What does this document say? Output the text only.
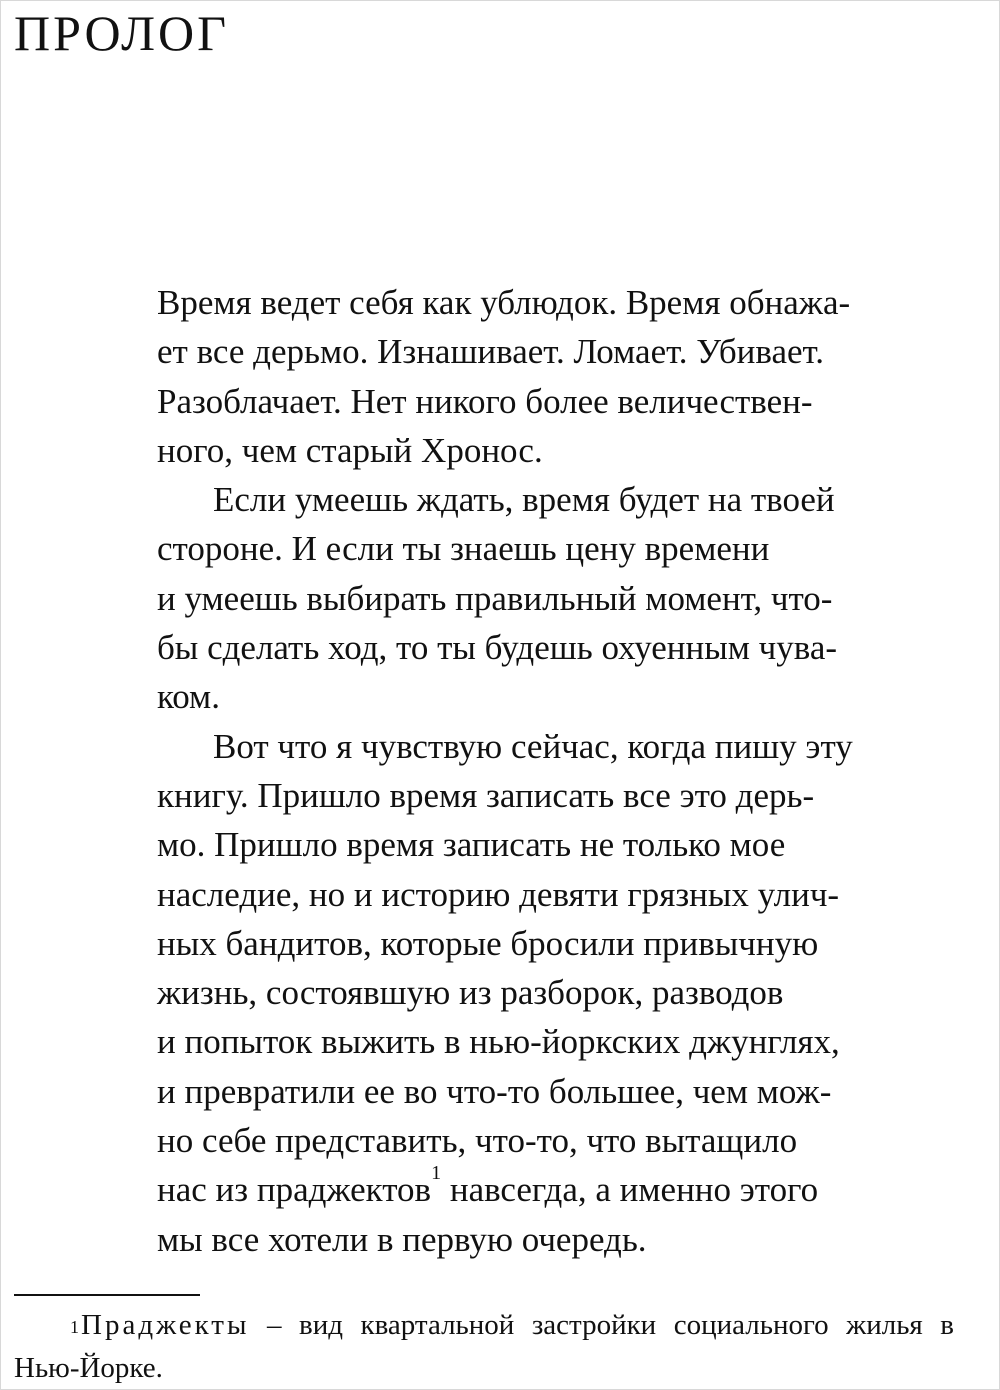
ПРОЛОГ

Время ведет себя как ублюдок. Время обнажа-
ет все дерьмо. Изнашивает. Ломает. Убивает.
Разоблачает. Нет никого более величествен-
ного, чем старый Хронос.

Если умеешь ждать, время будет на твоей
стороне. И если ты знаешь цену времени
и умеешь выбирать правильный момент, что-
бы сделать ход, то ты будешь охуенным чува-
ком.

Вот что я чувствую сейчас, когда пишу эту
книгу. Пришло время записать все это дерь-
мо. Пришло время записать не только мое
наследие, но и историю девяти грязных улич-
ных бандитов, которые бросили привычную
жизнь, состоявшую из разборок, разводов
и попыток выжить в нью-йоркских джунглях,
и превратили ее во что-то большее, чем мож-
но себе представить, что-то, что вытащило
нас из праджектов$^1$ навсегда, а именно этого
мы все хотели в первую очередь.

$^1$Праджекты – вид квартальной застройки социального жилья в Нью-Йорке.
